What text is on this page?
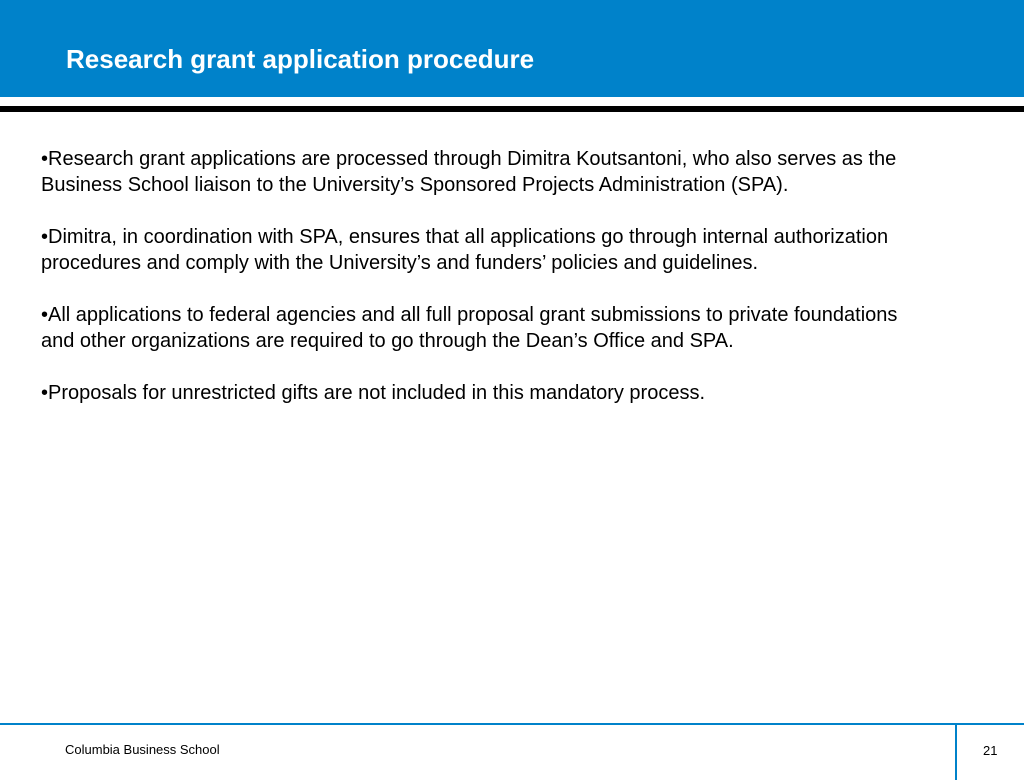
Research grant application procedure

•Research grant applications are processed through Dimitra Koutsantoni, who also serves as the Business School liaison to the University’s Sponsored Projects Administration (SPA).

•Dimitra, in coordination with SPA, ensures that all applications go through internal authorization procedures and comply with the University’s and funders’ policies and guidelines.

•All applications to federal agencies and all full proposal grant submissions to private foundations and other organizations are required to go through the Dean’s Office and SPA.

•Proposals for unrestricted gifts are not included in this mandatory process.

Columbia Business School	21
